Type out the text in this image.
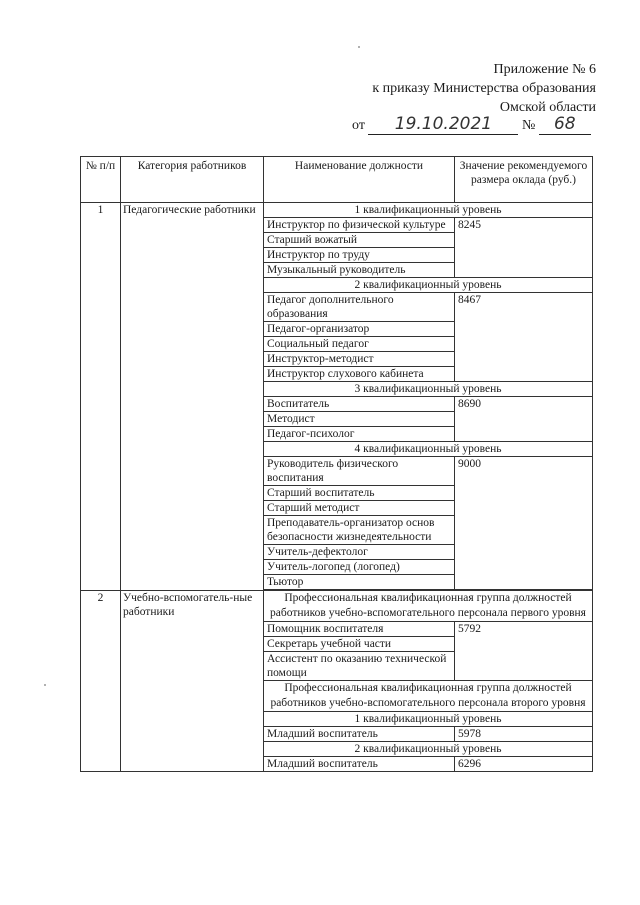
Приложение № 6
к приказу Министерства образования
Омской области
от 19.10.2021 № 68
№ п/п	Категория работников	Наименование должности	Значение рекомендуемого размера оклада (руб.)
1	Педагогические работники	1 квалификационный уровень	
		Инструктор по физической культуре	8245
		Старший вожатый	
		Инструктор по труду	
		Музыкальный руководитель	
		2 квалификационный уровень	
		Педагог дополнительного образования	8467
		Педагог-организатор	
		Социальный педагог	
		Инструктор-методист	
		Инструктор слухового кабинета	
		3 квалификационный уровень	
		Воспитатель	8690
		Методист	
		Педагог-психолог	
		4 квалификационный уровень	
		Руководитель физического воспитания	9000
		Старший воспитатель	
		Старший методист	
		Преподаватель-организатор основ безопасности жизнедеятельности	
		Учитель-дефектолог	
		Учитель-логопед (логопед)	
		Тьютор	

2	Учебно-вспомогатель-ные работники	Профессиональная квалификационная группа должностей работников учебно-вспомогательного персонала первого уровня	
		Помощник воспитателя	5792
		Секретарь учебной части	
		Ассистент по оказанию технической помощи	
		Профессиональная квалификационная группа должностей работников учебно-вспомогательного персонала второго уровня	
		1 квалификационный уровень	
		Младший воспитатель	5978
		2 квалификационный уровень	
		Младший воспитатель	6296
